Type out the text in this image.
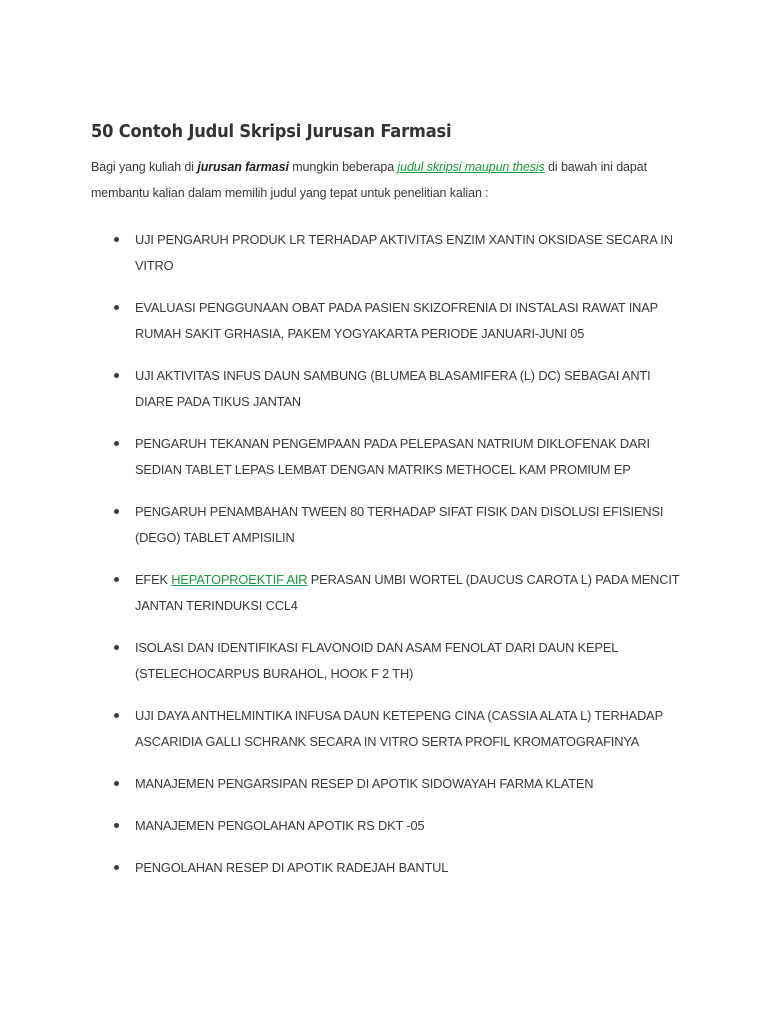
50 Contoh Judul Skripsi Jurusan Farmasi

Bagi yang kuliah di jurusan farmasi mungkin beberapa judul skripsi maupun thesis di bawah ini dapat membantu kalian dalam memilih judul yang tepat untuk penelitian kalian :

UJI PENGARUH PRODUK LR TERHADAP AKTIVITAS ENZIM XANTIN OKSIDASE SECARA IN VITRO
EVALUASI PENGGUNAAN OBAT PADA PASIEN SKIZOFRENIA DI INSTALASI RAWAT INAP RUMAH SAKIT GRHASIA, PAKEM YOGYAKARTA PERIODE JANUARI-JUNI 05
UJI AKTIVITAS INFUS DAUN SAMBUNG (BLUMEA BLASAMIFERA (L) DC) SEBAGAI ANTI DIARE PADA TIKUS JANTAN
PENGARUH TEKANAN PENGEMPAAN PADA PELEPASAN NATRIUM DIKLOFENAK DARI SEDIAN TABLET LEPAS LEMBAT DENGAN MATRIKS METHOCEL KAM PROMIUM EP
PENGARUH PENAMBAHAN TWEEN 80 TERHADAP SIFAT FISIK DAN DISOLUSI EFISIENSI (DEGO) TABLET AMPISILIN
EFEK HEPATOPROEKTIF AIR PERASAN UMBI WORTEL (DAUCUS CAROTA L) PADA MENCIT JANTAN TERINDUKSI CCL4
ISOLASI DAN IDENTIFIKASI FLAVONOID DAN ASAM FENOLAT DARI DAUN KEPEL (STELECHOCARPUS BURAHOL, HOOK F 2 TH)
UJI DAYA ANTHELMINTIKA INFUSA DAUN KETEPENG CINA (CASSIA ALATA L) TERHADAP ASCARIDIA GALLI SCHRANK SECARA IN VITRO SERTA PROFIL KROMATOGRAFINYA
MANAJEMEN PENGARSIPAN RESEP DI APOTIK SIDOWAYAH FARMA KLATEN
MANAJEMEN PENGOLAHAN APOTIK RS DKT -05
PENGOLAHAN RESEP DI APOTIK RADEJAH BANTUL
